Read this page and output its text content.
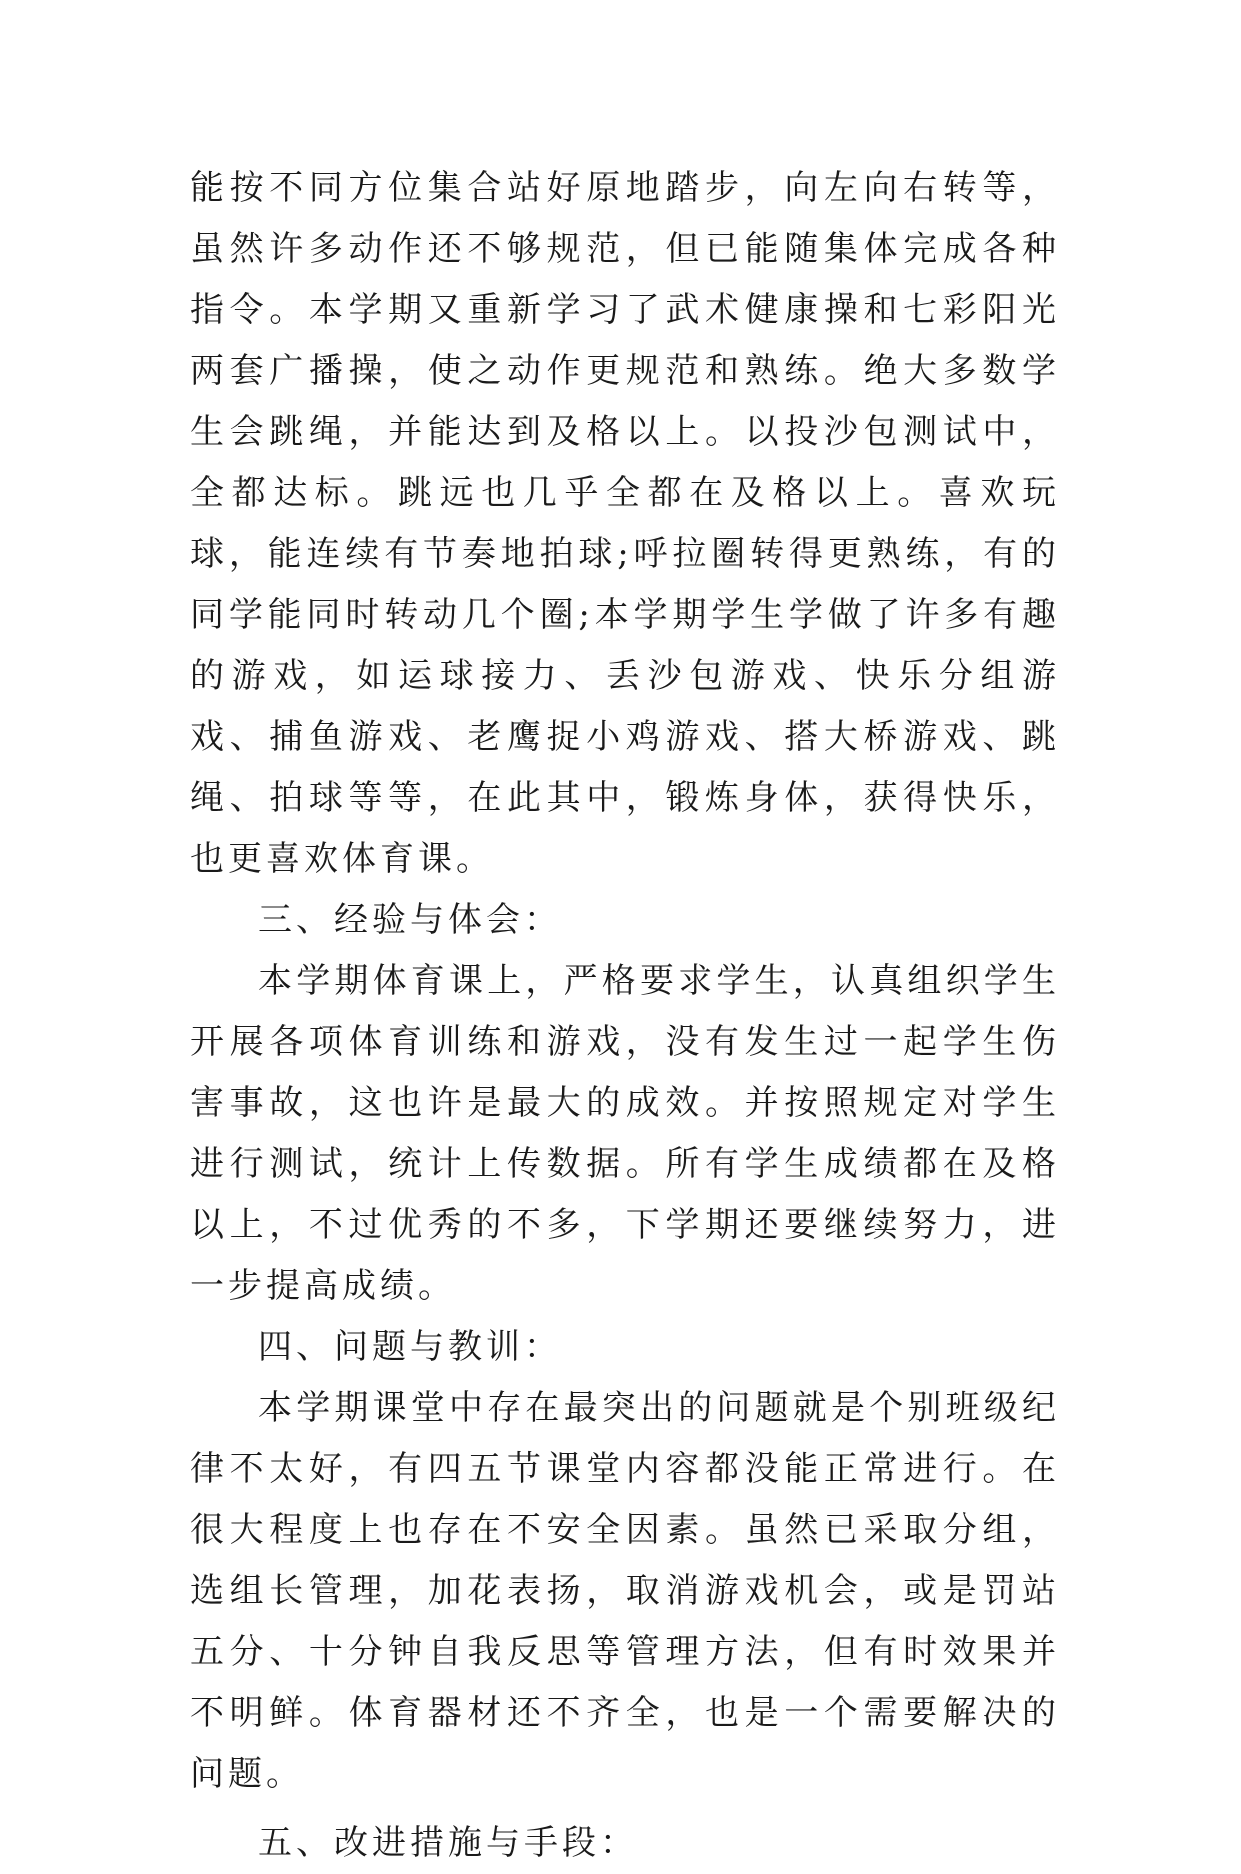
能按不同方位集合站好原地踏步，向左向右转等，虽然许多动作还不够规范，但已能随集体完成各种指令。本学期又重新学习了武术健康操和七彩阳光两套广播操，使之动作更规范和熟练。绝大多数学生会跳绳，并能达到及格以上。以投沙包测试中，全都达标。跳远也几乎全都在及格以上。喜欢玩球，能连续有节奏地拍球;呼拉圈转得更熟练，有的同学能同时转动几个圈;本学期学生学做了许多有趣的游戏，如运球接力、丢沙包游戏、快乐分组游戏、捕鱼游戏、老鹰捉小鸡游戏、搭大桥游戏、跳绳、拍球等等，在此其中，锻炼身体，获得快乐，也更喜欢体育课。

三、经验与体会：

本学期体育课上，严格要求学生，认真组织学生开展各项体育训练和游戏，没有发生过一起学生伤害事故，这也许是最大的成效。并按照规定对学生进行测试，统计上传数据。所有学生成绩都在及格以上，不过优秀的不多，下学期还要继续努力，进一步提高成绩。

四、问题与教训：

本学期课堂中存在最突出的问题就是个别班级纪律不太好，有四五节课堂内容都没能正常进行。在很大程度上也存在不安全因素。虽然已采取分组，选组长管理，加花表扬，取消游戏机会，或是罚站五分、十分钟自我反思等管理方法，但有时效果并不明鲜。体育器材还不齐全，也是一个需要解决的问题。

五、改进措施与手段：
